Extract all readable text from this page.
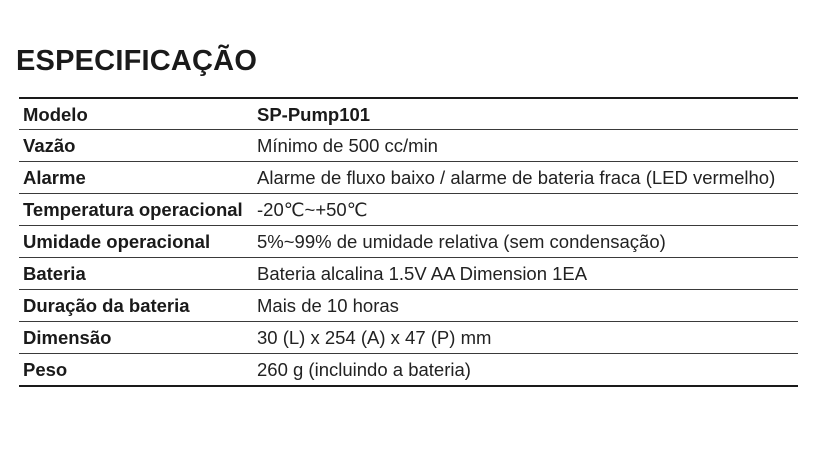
ESPECIFICAÇÃO
Modelo	SP-Pump101
Vazão	Mínimo de 500 cc/min
Alarme	Alarme de fluxo baixo / alarme de bateria fraca (LED vermelho)
Temperatura operacional	-20℃~+50℃
Umidade operacional	5%~99% de umidade relativa (sem condensação)
Bateria	Bateria alcalina 1.5V AA Dimension 1EA
Duração da bateria	Mais de 10 horas
Dimensão	30 (L) x 254 (A) x 47 (P) mm
Peso	260 g (incluindo a bateria)
